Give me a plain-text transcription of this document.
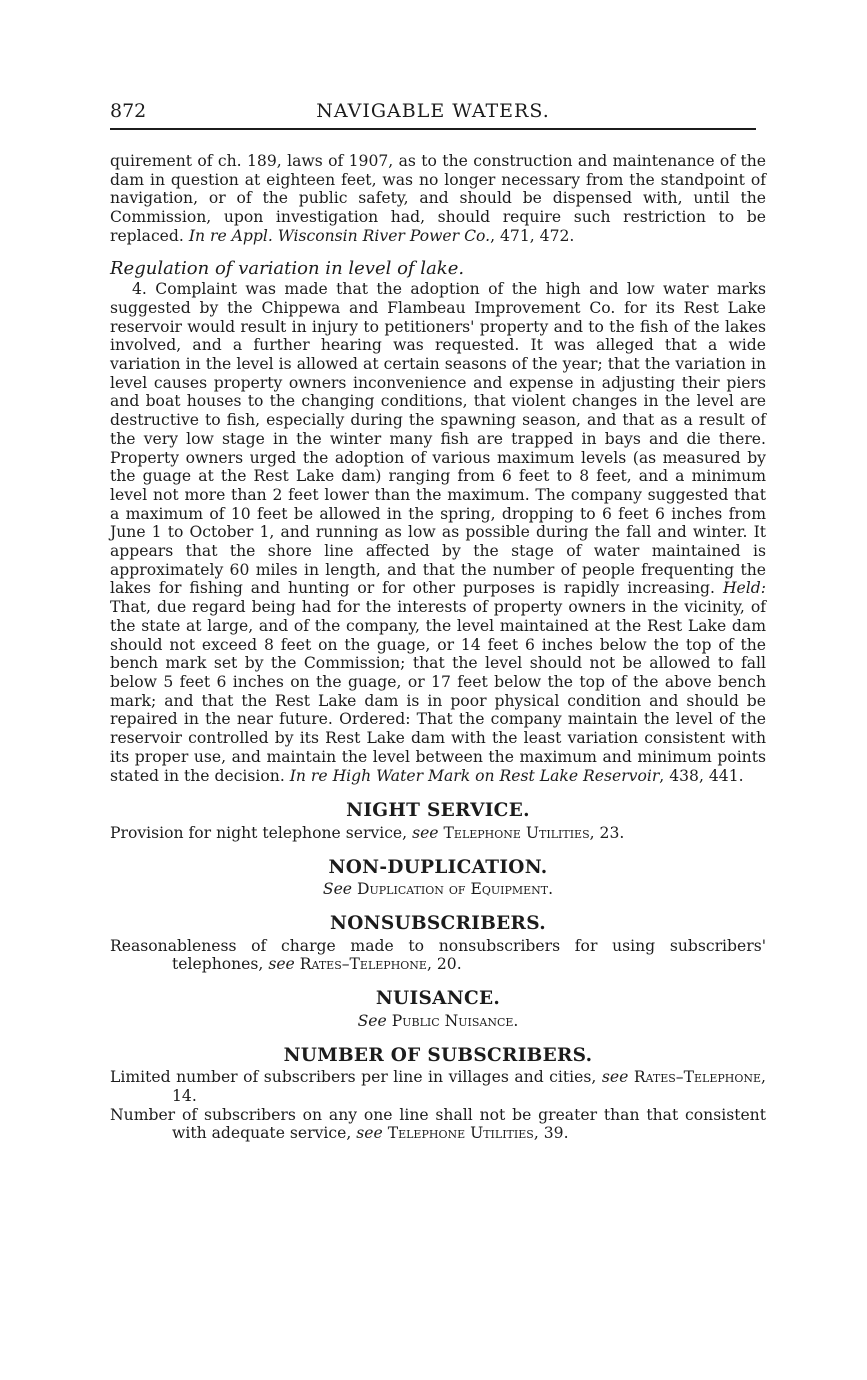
872	NAVIGABLE WATERS.

quirement of ch. 189, laws of 1907, as to the construction and maintenance of the dam in question at eighteen feet, was no longer necessary from the standpoint of navigation, or of the public safety, and should be dispensed with, until the Commission, upon investigation had, should require such restriction to be replaced. In re Appl. Wisconsin River Power Co., 471, 472.

Regulation of variation in level of lake.

4. Complaint was made that the adoption of the high and low water marks suggested by the Chippewa and Flambeau Improvement Co. for its Rest Lake reservoir would result in injury to petitioners' property and to the fish of the lakes involved, and a further hearing was requested. It was alleged that a wide variation in the level is allowed at certain seasons of the year; that the variation in level causes property owners inconvenience and expense in adjusting their piers and boat houses to the changing conditions, that violent changes in the level are destructive to fish, especially during the spawning season, and that as a result of the very low stage in the winter many fish are trapped in bays and die there. Property owners urged the adoption of various maximum levels (as measured by the guage at the Rest Lake dam) ranging from 6 feet to 8 feet, and a minimum level not more than 2 feet lower than the maximum. The company suggested that a maximum of 10 feet be allowed in the spring, dropping to 6 feet 6 inches from June 1 to October 1, and running as low as possible during the fall and winter. It appears that the shore line affected by the stage of water maintained is approximately 60 miles in length, and that the number of people frequenting the lakes for fishing and hunting or for other purposes is rapidly increasing. Held: That, due regard being had for the interests of property owners in the vicinity, of the state at large, and of the company, the level maintained at the Rest Lake dam should not exceed 8 feet on the guage, or 14 feet 6 inches below the top of the bench mark set by the Commission; that the level should not be allowed to fall below 5 feet 6 inches on the guage, or 17 feet below the top of the above bench mark; and that the Rest Lake dam is in poor physical condition and should be repaired in the near future. Ordered: That the company maintain the level of the reservoir controlled by its Rest Lake dam with the least variation consistent with its proper use, and maintain the level between the maximum and minimum points stated in the decision. In re High Water Mark on Rest Lake Reservoir, 438, 441.

NIGHT SERVICE.

Provision for night telephone service, see Telephone Utilities, 23.

NON-DUPLICATION.

See Duplication of Equipment.

NONSUBSCRIBERS.

Reasonableness of charge made to nonsubscribers for using subscribers' telephones, see Rates–Telephone, 20.

NUISANCE.

See Public Nuisance.

NUMBER OF SUBSCRIBERS.

Limited number of subscribers per line in villages and cities, see Rates–Telephone, 14.

Number of subscribers on any one line shall not be greater than that consistent with adequate service, see Telephone Utilities, 39.
